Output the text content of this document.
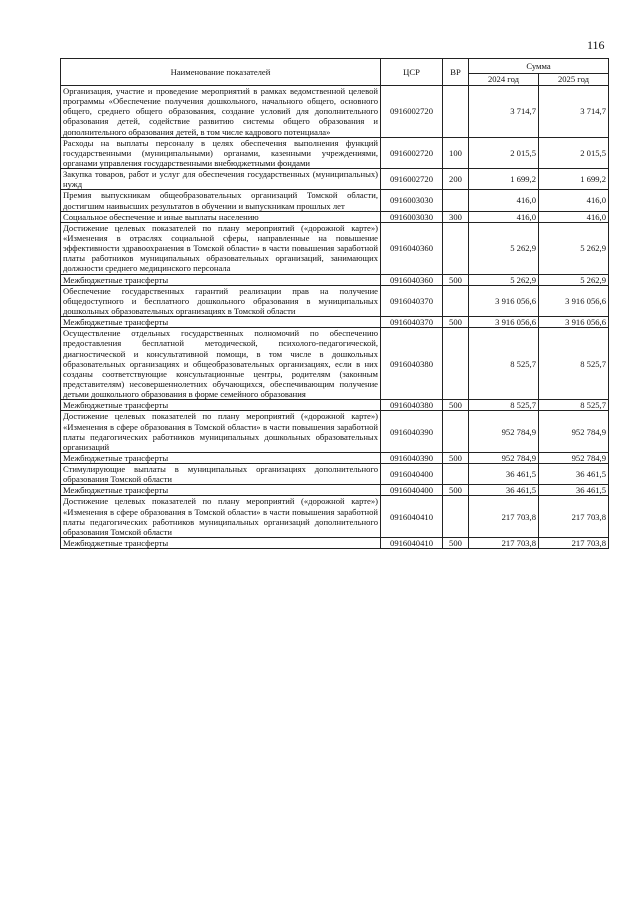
116
Наименование показателей	ЦСР	ВР	Сумма	
			2024 год	2025 год
Организация, участие и проведение мероприятий в рамках ведомственной целевой программы «Обеспечение получения дошкольного, начального общего, основного общего, среднего общего образования, создание условий для дополнительного образования детей, содействие развитию системы общего образования и дополнительного образования детей, в том числе кадрового потенциала»	0916002720		3 714,7	3 714,7
Расходы на выплаты персоналу в целях обеспечения выполнения функций государственными (муниципальными) органами, казенными учреждениями, органами управления государственными внебюджетными фондами	0916002720	100	2 015,5	2 015,5
Закупка товаров, работ и услуг для обеспечения государственных (муниципальных) нужд	0916002720	200	1 699,2	1 699,2
Премия выпускникам общеобразовательных организаций Томской области, достигшим наивысших результатов в обучении и выпускникам прошлых лет	0916003030		416,0	416,0
Социальное обеспечение и иные выплаты населению	0916003030	300	416,0	416,0
Достижение целевых показателей по плану мероприятий («дорожной карте») «Изменения в отраслях социальной сферы, направленные на повышение эффективности здравоохранения в Томской области» в части повышения заработной платы работников муниципальных образовательных организаций, занимающих должности среднего медицинского персонала	0916040360		5 262,9	5 262,9
Межбюджетные трансферты	0916040360	500	5 262,9	5 262,9
Обеспечение государственных гарантий реализации прав на получение общедоступного и бесплатного дошкольного образования в муниципальных дошкольных образовательных организациях в Томской области	0916040370		3 916 056,6	3 916 056,6
Межбюджетные трансферты	0916040370	500	3 916 056,6	3 916 056,6
Осуществление отдельных государственных полномочий по обеспечению предоставления бесплатной методической, психолого-педагогической, диагностической и консультативной помощи, в том числе в дошкольных образовательных организациях и общеобразовательных организациях, если в них созданы соответствующие консультационные центры, родителям (законным представителям) несовершеннолетних обучающихся, обеспечивающим получение детьми дошкольного образования в форме семейного образования	0916040380		8 525,7	8 525,7
Межбюджетные трансферты	0916040380	500	8 525,7	8 525,7
Достижение целевых показателей по плану мероприятий («дорожной карте») «Изменения в сфере образования в Томской области» в части повышения заработной платы педагогических работников муниципальных дошкольных образовательных организаций	0916040390		952 784,9	952 784,9
Межбюджетные трансферты	0916040390	500	952 784,9	952 784,9
Стимулирующие выплаты в муниципальных организациях дополнительного образования Томской области	0916040400		36 461,5	36 461,5
Межбюджетные трансферты	0916040400	500	36 461,5	36 461,5
Достижение целевых показателей по плану мероприятий («дорожной карте») «Изменения в сфере образования в Томской области» в части повышения заработной платы педагогических работников муниципальных организаций дополнительного образования Томской области	0916040410		217 703,8	217 703,8
Межбюджетные трансферты	0916040410	500	217 703,8	217 703,8
